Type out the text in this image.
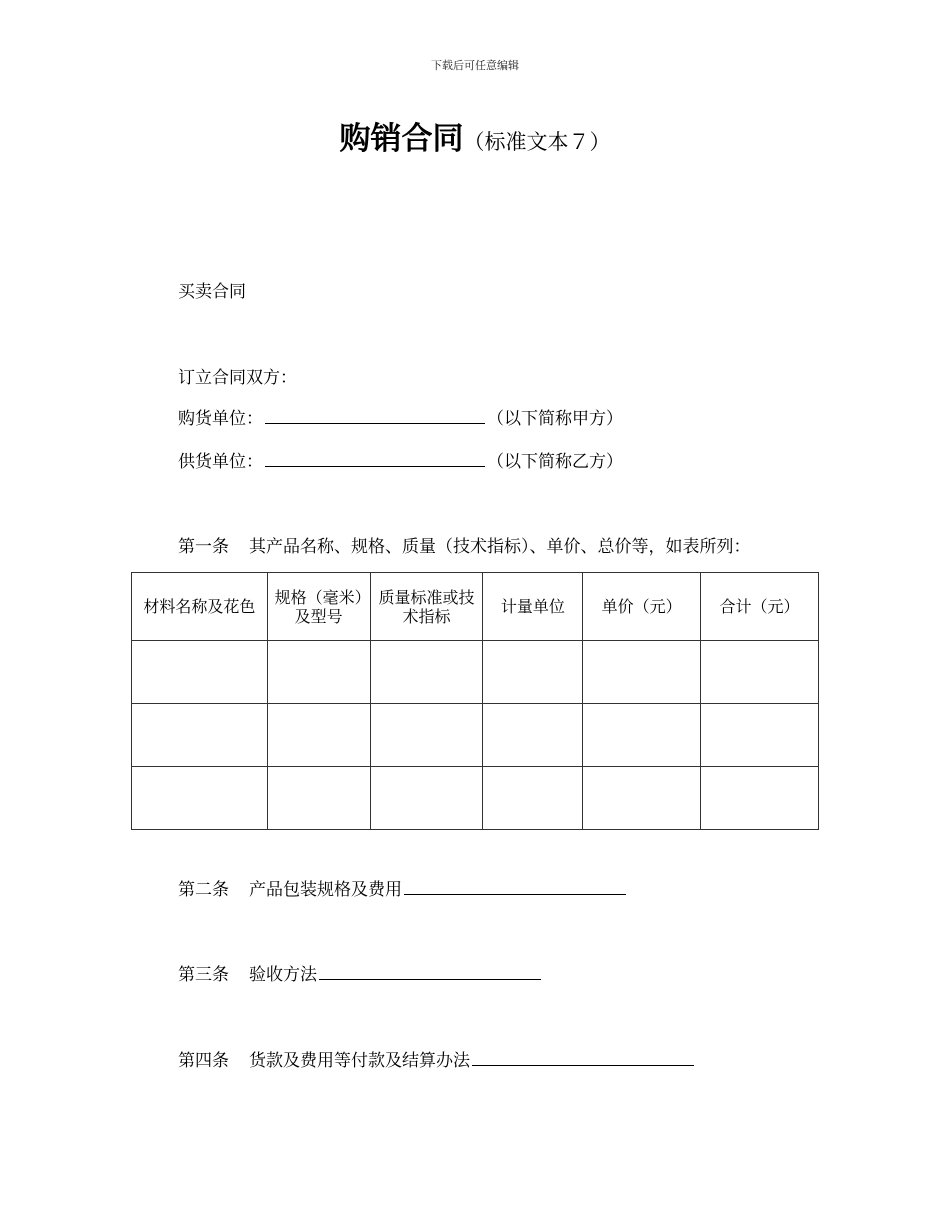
下载后可任意编辑
购销合同（标准文本７）
买卖合同
订立合同双方：
购货单位：	（以下简称甲方）
供货单位：	（以下简称乙方）
第一条 其产品名称、规格、质量（技术指标）、单价、总价等，如表所列：
材料名称及花色	规格（毫米）及型号	质量标准或技术指标	计量单位	单价（元）	合计（元）

第二条 产品包装规格及费用
第三条 验收方法
第四条 货款及费用等付款及结算办法
